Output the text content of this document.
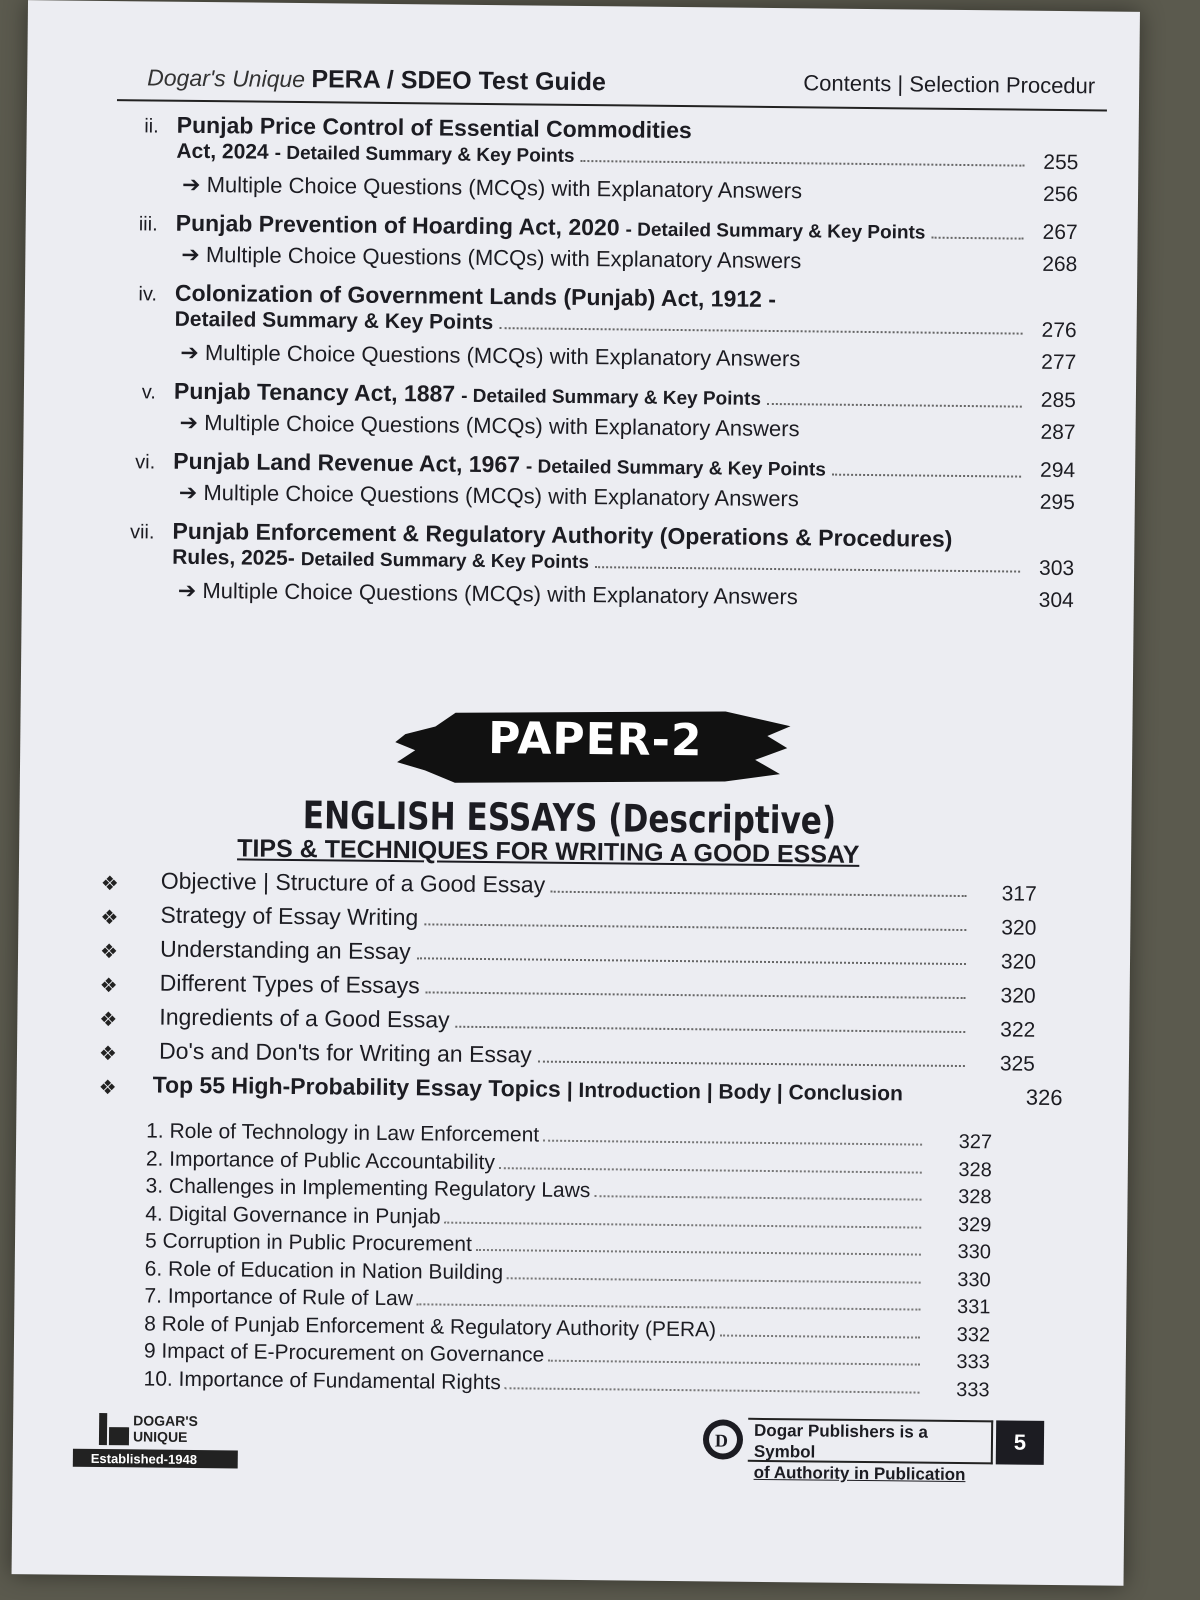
Dogar's Unique PERA / SDEO Test Guide	Contents | Selection Procedur
ii. Punjab Price Control of Essential Commodities
Act, 2024 - Detailed Summary & Key Points	255
➔ Multiple Choice Questions (MCQs) with Explanatory Answers	256
iii. Punjab Prevention of Hoarding Act, 2020 - Detailed Summary & Key Points	267
➔ Multiple Choice Questions (MCQs) with Explanatory Answers	268
iv. Colonization of Government Lands (Punjab) Act, 1912 -
Detailed Summary & Key Points	276
➔ Multiple Choice Questions (MCQs) with Explanatory Answers	277
v. Punjab Tenancy Act, 1887 - Detailed Summary & Key Points	285
➔ Multiple Choice Questions (MCQs) with Explanatory Answers	287
vi. Punjab Land Revenue Act, 1967 - Detailed Summary & Key Points	294
➔ Multiple Choice Questions (MCQs) with Explanatory Answers	295
vii. Punjab Enforcement & Regulatory Authority (Operations & Procedures)
Rules, 2025- Detailed Summary & Key Points	303
➔ Multiple Choice Questions (MCQs) with Explanatory Answers	304
PAPER-2
ENGLISH ESSAYS (Descriptive)
TIPS & TECHNIQUES FOR WRITING A GOOD ESSAY
❖ Objective | Structure of a Good Essay	317
❖ Strategy of Essay Writing	320
❖ Understanding an Essay	320
❖ Different Types of Essays	320
❖ Ingredients of a Good Essay	322
❖ Do's and Don'ts for Writing an Essay	325
❖ Top 55 High-Probability Essay Topics | Introduction | Body | Conclusion	326
1. Role of Technology in Law Enforcement	327
2. Importance of Public Accountability	328
3. Challenges in Implementing Regulatory Laws	328
4. Digital Governance in Punjab	329
5 Corruption in Public Procurement	330
6. Role of Education in Nation Building	330
7. Importance of Rule of Law	331
8 Role of Punjab Enforcement & Regulatory Authority (PERA)	332
9 Impact of E-Procurement on Governance	333
10. Importance of Fundamental Rights	333
DOGAR'S
UNIQUE
Established-1948
D Dogar Publishers is a Symbol
of Authority in Publication
5
